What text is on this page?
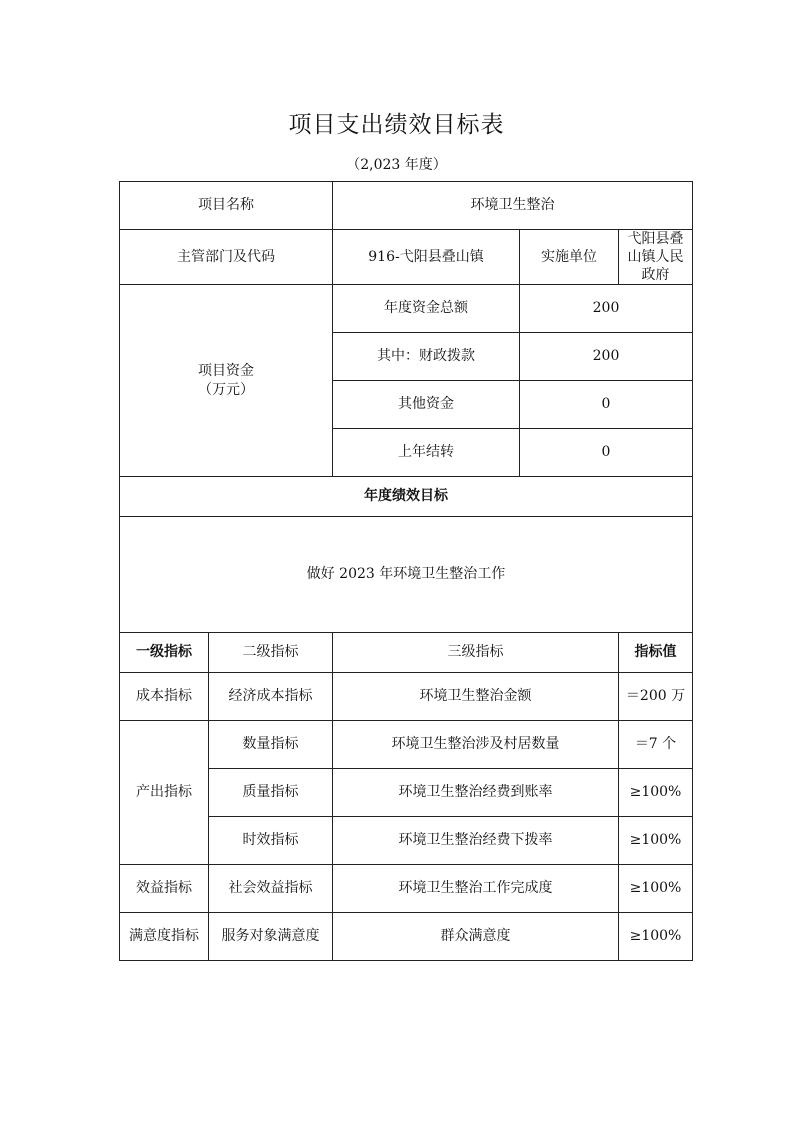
项目支出绩效目标表
（2,023 年度）
项目名称		环境卫生整治		
主管部门及代码		916-弋阳县叠山镇	实施单位	弋阳县叠山镇人民政府

项目资金
（万元）		年度资金总额	200	
		其中：财政拨款	200	
		其他资金	0	
		上年结转	0	
年度绩效目标				
做好 2023 年环境卫生整治工作				
一级指标	二级指标	三级指标		指标值
成本指标	经济成本指标	环境卫生整治金额		＝200 万
产出指标	数量指标	环境卫生整治涉及村居数量		＝7 个
	质量指标	环境卫生整治经费到账率		≥100%
	时效指标	环境卫生整治经费下拨率		≥100%
效益指标	社会效益指标	环境卫生整治工作完成度		≥100%
满意度指标	服务对象满意度	群众满意度		≥100%
